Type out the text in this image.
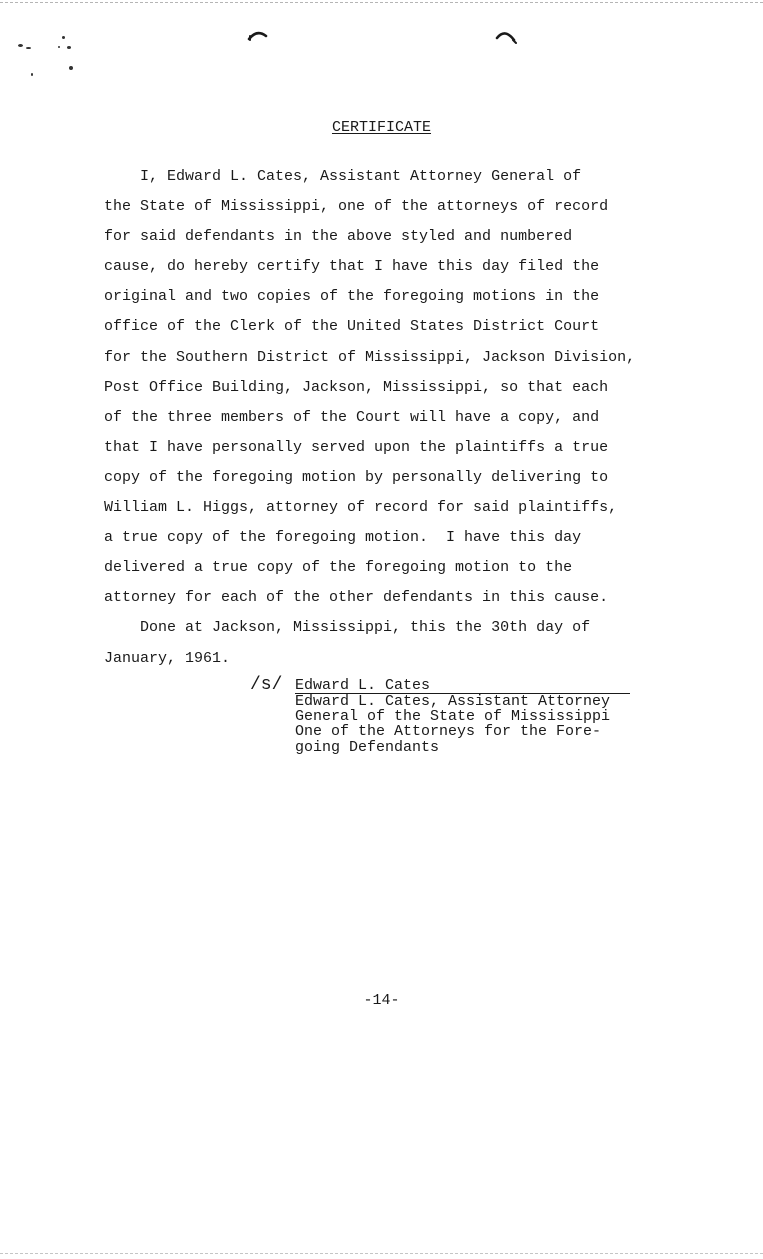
CERTIFICATE
I, Edward L. Cates, Assistant Attorney General of
the State of Mississippi, one of the attorneys of record
for said defendants in the above styled and numbered
cause, do hereby certify that I have this day filed the
original and two copies of the foregoing motions in the
office of the Clerk of the United States District Court
for the Southern District of Mississippi, Jackson Division,
Post Office Building, Jackson, Mississippi, so that each
of the three members of the Court will have a copy, and
that I have personally served upon the plaintiffs a true
copy of the foregoing motion by personally delivering to
William L. Higgs, attorney of record for said plaintiffs,
a true copy of the foregoing motion.  I have this day
delivered a true copy of the foregoing motion to the
attorney for each of the other defendants in this cause.
Done at Jackson, Mississippi, this the 30th day of
January, 1961.
/s/ Edward L. Cates
Edward L. Cates, Assistant Attorney
General of the State of Mississippi
One of the Attorneys for the Fore-
going Defendants
-14-
